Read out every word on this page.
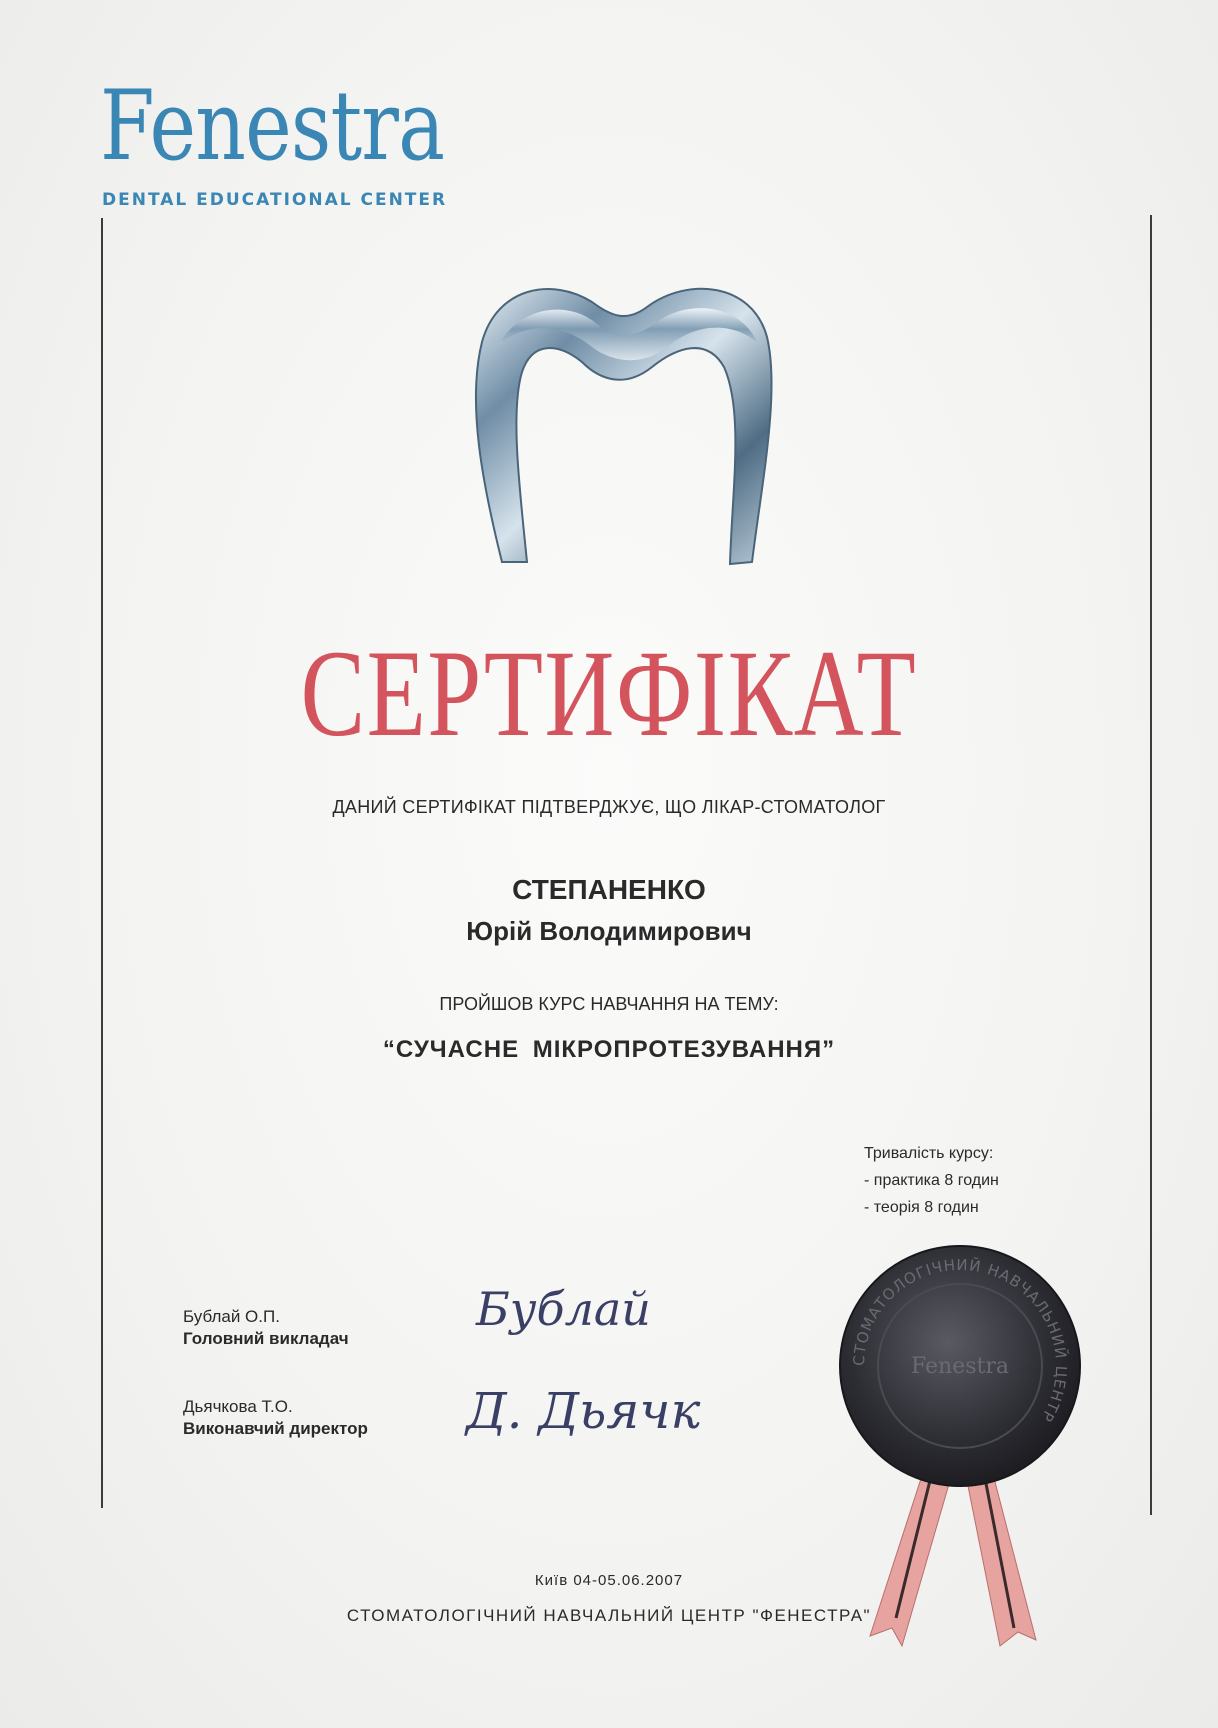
Fenestra
DENTAL EDUCATIONAL CENTER
СЕРТИФІКАТ
ДАНИЙ СЕРТИФІКАТ ПІДТВЕРДЖУЄ, ЩО ЛІКАР-СТОМАТОЛОГ
СТЕПАНЕНКО
Юрій Володимирович
ПРОЙШОВ КУРС НАВЧАННЯ НА ТЕМУ:
“СУЧАСНЕ МІКРОПРОТЕЗУВАННЯ”
Тривалість курсу:
- практика 8 годин
- теорія 8 годин
Бублай О.П.
Головний викладач
Бублай
Дьячкова Т.О.
Виконавчий директор Д. Дьячк
СТОМАТОЛОГІЧНИЙ НАВЧАЛЬНИЙ ЦЕНТР
Fenestra
Київ 04-05.06.2007
СТОМАТОЛОГІЧНИЙ НАВЧАЛЬНИЙ ЦЕНТР "ФЕНЕСТРА"
